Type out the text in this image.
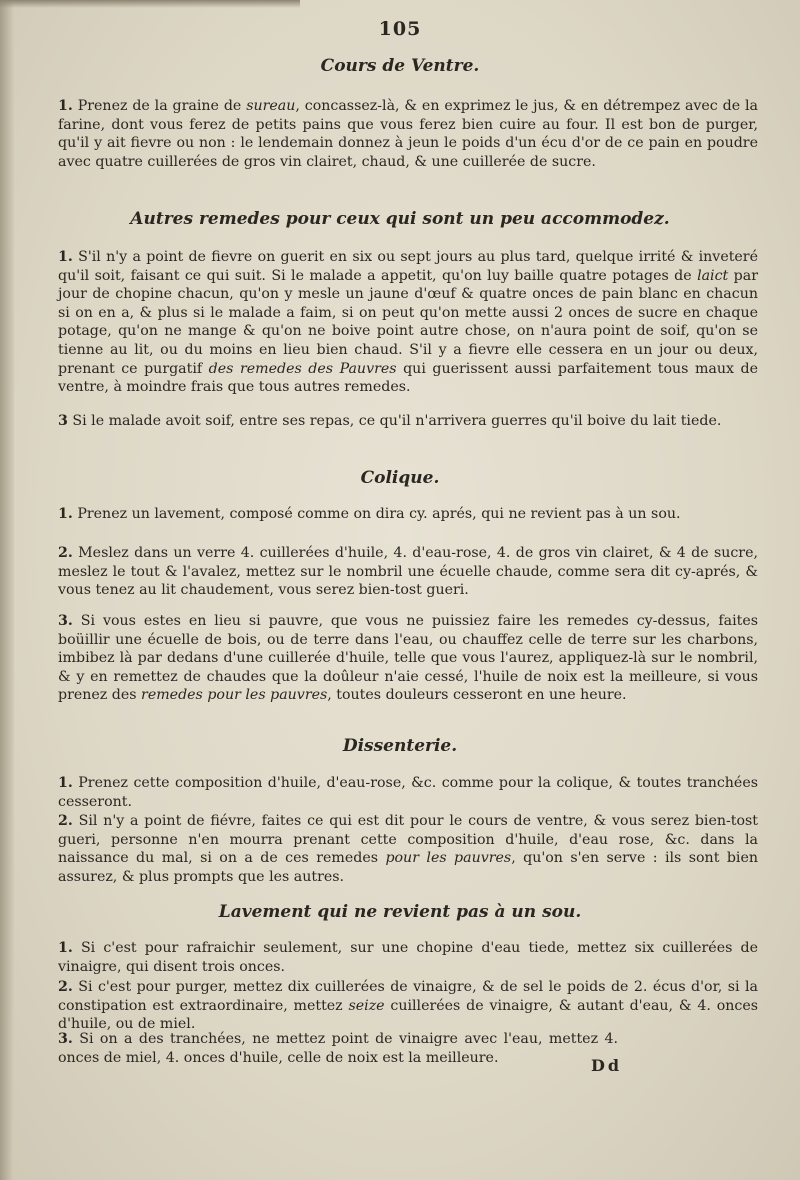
105
Cours de Ventre.

1. Prenez de la graine de sureau, concassez-là, & en exprimez le jus, & en détrempez avec de la farine, dont vous ferez de petits pains que vous ferez bien cuire au four. Il est bon de purger, qu'il y ait fievre ou non : le lendemain donnez à jeun le poids d'un écu d'or de ce pain en poudre avec quatre cuillerées de gros vin clairet, chaud, & une cuillerée de sucre.

Autres remedes pour ceux qui sont un peu accommodez.

1. S'il n'y a point de fievre on guerit en six ou sept jours au plus tard, quelque irrité & inveteré qu'il soit, faisant ce qui suit. Si le malade a appetit, qu'on luy baille quatre potages de laict par jour de chopine chacun, qu'on y mesle un jaune d'œuf & quatre onces de pain blanc en chacun si on en a, & plus si le malade a faim, si on peut qu'on mette aussi 2 onces de sucre en chaque potage, qu'on ne mange & qu'on ne boive point autre chose, on n'aura point de soif, qu'on se tienne au lit, ou du moins en lieu bien chaud. S'il y a fievre elle cessera en un jour ou deux, prenant ce purgatif des remedes des Pauvres qui guerissent aussi parfaitement tous maux de ventre, à moindre frais que tous autres remedes.

3 Si le malade avoit soif, entre ses repas, ce qu'il n'arrivera guerres qu'il boive du lait tiede.

Colique.

1. Prenez un lavement, composé comme on dira cy. aprés, qui ne revient pas à un sou.

2. Meslez dans un verre 4. cuillerées d'huile, 4. d'eau-rose, 4. de gros vin clairet, & 4 de sucre, meslez le tout & l'avalez, mettez sur le nombril une écuelle chaude, comme sera dit cy-aprés, & vous tenez au lit chaudement, vous serez bien-tost gueri.

3. Si vous estes en lieu si pauvre, que vous ne puissiez faire les remedes cy-dessus, faites boüillir une écuelle de bois, ou de terre dans l'eau, ou chauffez celle de terre sur les charbons, imbibez là par dedans d'une cuillerée d'huile, telle que vous l'aurez, appliquez-là sur le nombril, & y en remettez de chaudes que la doûleur n'aie cessé, l'huile de noix est la meilleure, si vous prenez des remedes pour les pauvres, toutes douleurs cesseront en une heure.

Dissenterie.

1. Prenez cette composition d'huile, d'eau-rose, &c. comme pour la colique, & toutes tranchées cesseront.

2. Sil n'y a point de fiévre, faites ce qui est dit pour le cours de ventre, & vous serez bien-tost gueri, personne n'en mourra prenant cette composition d'huile, d'eau rose, &c. dans la naissance du mal, si on a de ces remedes pour les pauvres, qu'on s'en serve : ils sont bien assurez, & plus prompts que les autres.

Lavement qui ne revient pas à un sou.

1. Si c'est pour rafraichir seulement, sur une chopine d'eau tiede, mettez six cuillerées de vinaigre, qui disent trois onces.

2. Si c'est pour purger, mettez dix cuillerées de vinaigre, & de sel le poids de 2. écus d'or, si la constipation est extraordinaire, mettez seize cuillerées de vinaigre, & autant d'eau, & 4. onces d'huile, ou de miel.

3. Si on a des tranchées, ne mettez point de vinaigre avec l'eau, mettez 4. onces de miel, 4. onces d'huile, celle de noix est la meilleure.	Dd
